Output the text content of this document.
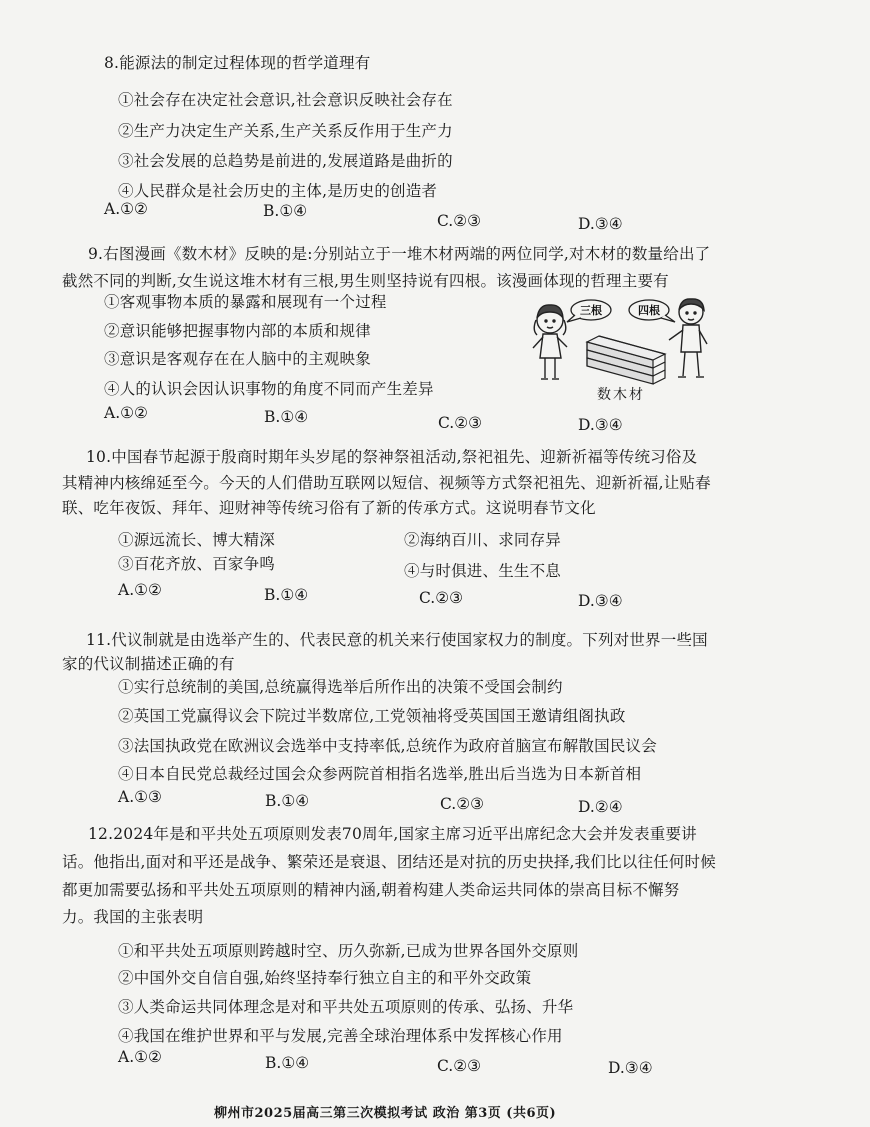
8.能源法的制定过程体现的哲学道理有
①社会存在决定社会意识,社会意识反映社会存在
②生产力决定生产关系,生产关系反作用于生产力
③社会发展的总趋势是前进的,发展道路是曲折的
④人民群众是社会历史的主体,是历史的创造者
A.①②	B.①④
C.②③	D.③④
9.右图漫画《数木材》反映的是:分别站立于一堆木材两端的两位同学,对木材的数量给出了
截然不同的判断,女生说这堆木材有三根,男生则坚持说有四根。该漫画体现的哲理主要有
①客观事物本质的暴露和展现有一个过程
②意识能够把握事物内部的本质和规律
③意识是客观存在在人脑中的主观映象
④人的认识会因认识事物的角度不同而产生差异
A.①②	B.①④	C.②③	D.③④
三根	四根
数木材
10.中国春节起源于殷商时期年头岁尾的祭神祭祖活动,祭祀祖先、迎新祈福等传统习俗及
其精神内核绵延至今。今天的人们借助互联网以短信、视频等方式祭祀祖先、迎新祈福,让贴春
联、吃年夜饭、拜年、迎财神等传统习俗有了新的传承方式。这说明春节文化
①源远流长、博大精深	②海纳百川、求同存异
③百花齐放、百家争鸣	④与时俱进、生生不息
A.①②	B.①④	C.②③	D.③④
11.代议制就是由选举产生的、代表民意的机关来行使国家权力的制度。下列对世界一些国
家的代议制描述正确的有
①实行总统制的美国,总统赢得选举后所作出的决策不受国会制约
②英国工党赢得议会下院过半数席位,工党领袖将受英国国王邀请组阁执政
③法国执政党在欧洲议会选举中支持率低,总统作为政府首脑宣布解散国民议会
④日本自民党总裁经过国会众参两院首相指名选举,胜出后当选为日本新首相
A.①③	B.①④	C.②③	D.②④
12.2024年是和平共处五项原则发表70周年,国家主席习近平出席纪念大会并发表重要讲
话。他指出,面对和平还是战争、繁荣还是衰退、团结还是对抗的历史抉择,我们比以往任何时候
都更加需要弘扬和平共处五项原则的精神内涵,朝着构建人类命运共同体的崇高目标不懈努
力。我国的主张表明
①和平共处五项原则跨越时空、历久弥新,已成为世界各国外交原则
②中国外交自信自强,始终坚持奉行独立自主的和平外交政策
③人类命运共同体理念是对和平共处五项原则的传承、弘扬、升华
④我国在维护世界和平与发展,完善全球治理体系中发挥核心作用
A.①②	B.①④	C.②③	D.③④
柳州市2025届高三第三次模拟考试 政治 第3页 (共6页)
